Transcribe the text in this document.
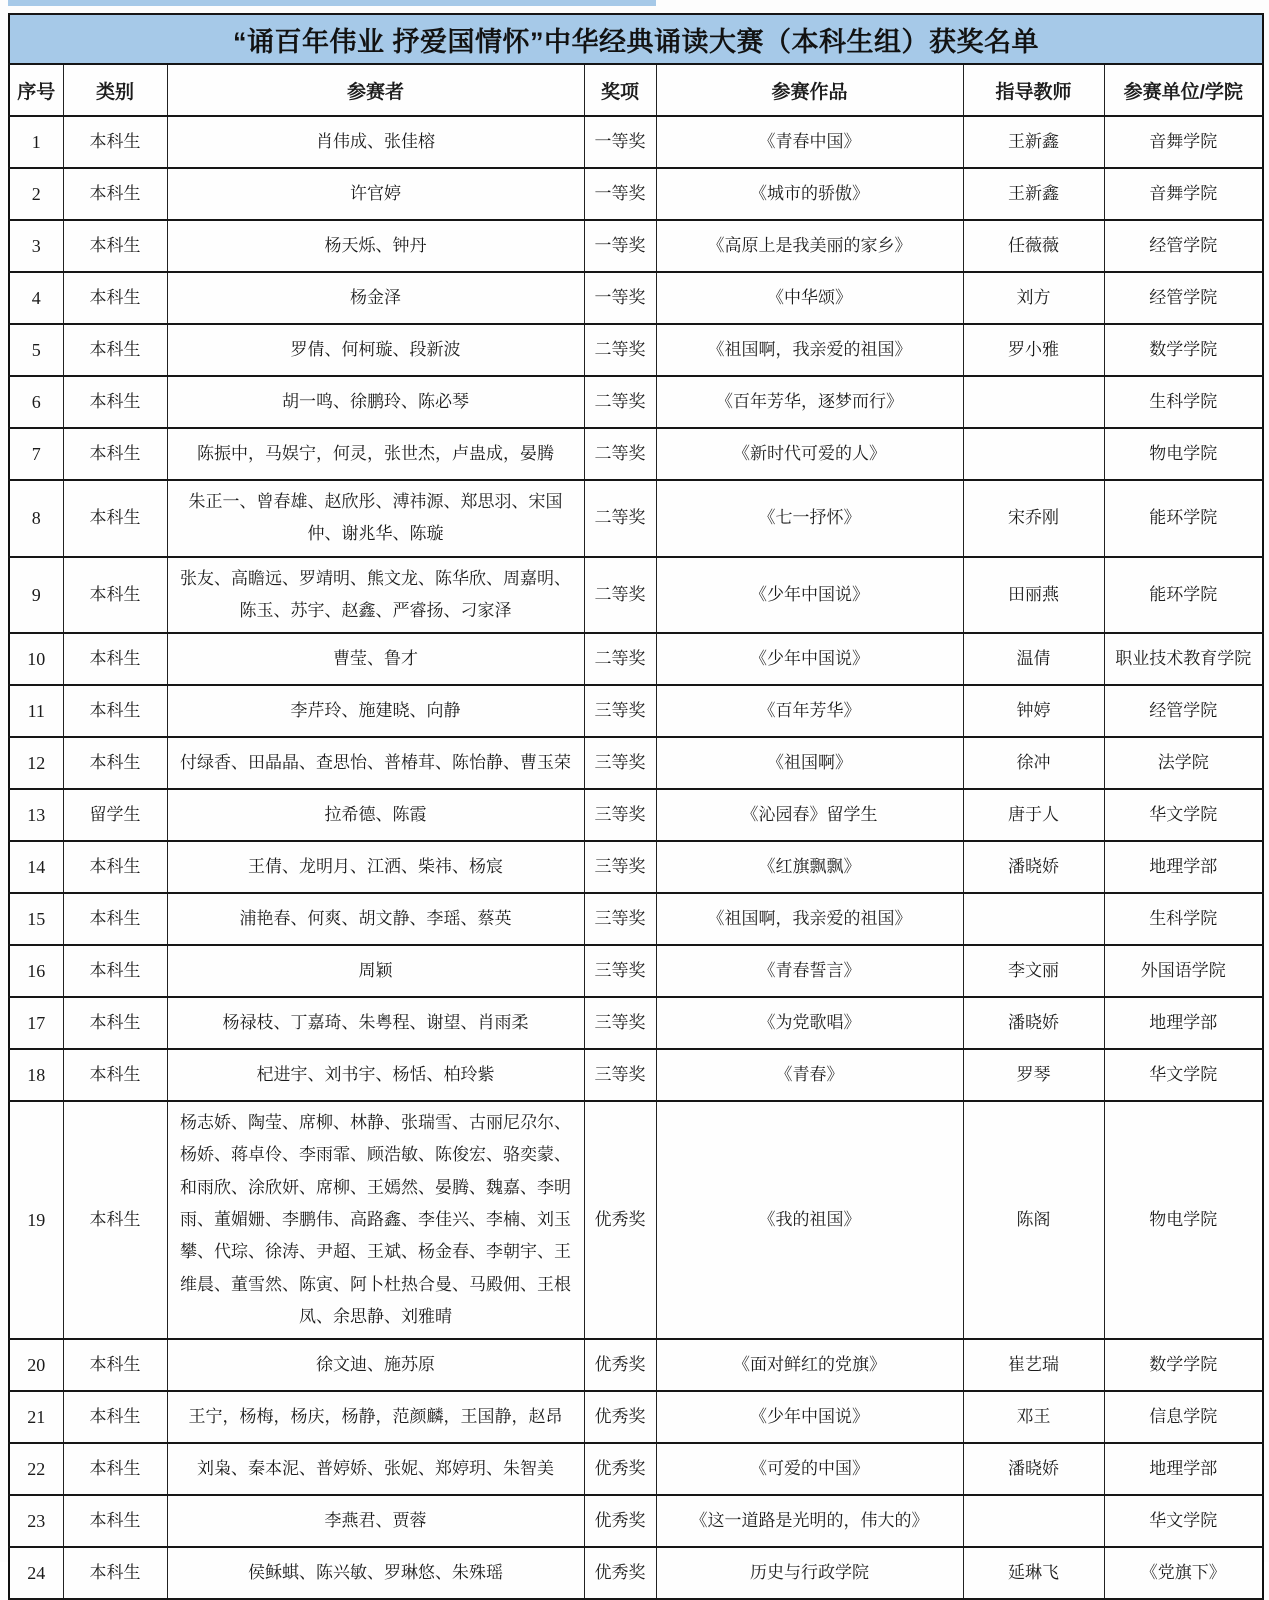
“诵百年伟业 抒爱国情怀”中华经典诵读大赛（本科生组）获奖名单						
序号	类别	参赛者	奖项	参赛作品	指导教师	参赛单位/学院
1	本科生	肖伟成、张佳榕	一等奖	《青春中国》	王新鑫	音舞学院
2	本科生	许官婷	一等奖	《城市的骄傲》	王新鑫	音舞学院
3	本科生	杨天烁、钟丹	一等奖	《高原上是我美丽的家乡》	任薇薇	经管学院
4	本科生	杨金泽	一等奖	《中华颂》	刘方	经管学院
5	本科生	罗倩、何柯璇、段新波	二等奖	《祖国啊，我亲爱的祖国》	罗小雅	数学学院
6	本科生	胡一鸣、徐鹏玲、陈必琴	二等奖	《百年芳华，逐梦而行》		生科学院
7	本科生	陈振中，马娱宁，何灵，张世杰，卢蛊成，晏腾	二等奖	《新时代可爱的人》		物电学院
8	本科生	朱正一、曾春雄、赵欣彤、溥祎源、郑思羽、宋国仲、谢兆华、陈璇	二等奖	《七一抒怀》	宋乔刚	能环学院
9	本科生	张友、高瞻远、罗靖明、熊文龙、陈华欣、周嘉明、陈玉、苏宇、赵鑫、严睿扬、刁家泽	二等奖	《少年中国说》	田丽燕	能环学院
10	本科生	曹莹、鲁才	二等奖	《少年中国说》	温倩	职业技术教育学院
11	本科生	李芹玲、施建晓、向静	三等奖	《百年芳华》	钟婷	经管学院
12	本科生	付绿香、田晶晶、查思怡、普椿茸、陈怡静、曹玉荣	三等奖	《祖国啊》	徐冲	法学院
13	留学生	拉希德、陈霞	三等奖	《沁园春》留学生	唐于人	华文学院
14	本科生	王倩、龙明月、江洒、柴祎、杨宸	三等奖	《红旗飘飘》	潘晓娇	地理学部
15	本科生	浦艳春、何爽、胡文静、李瑶、蔡英	三等奖	《祖国啊，我亲爱的祖国》		生科学院
16	本科生	周颖	三等奖	《青春誓言》	李文丽	外国语学院
17	本科生	杨禄枝、丁嘉琦、朱粤程、谢望、肖雨柔	三等奖	《为党歌唱》	潘晓娇	地理学部
18	本科生	杞进宇、刘书宇、杨恬、柏玲紫	三等奖	《青春》	罗琴	华文学院
19	本科生	杨志娇、陶莹、席柳、林静、张瑞雪、古丽尼尕尔、杨娇、蒋卓伶、李雨霏、顾浩敏、陈俊宏、骆奕蒙、和雨欣、涂欣妍、席柳、王嫣然、晏腾、魏嘉、李明雨、董媚姗、李鹏伟、高路鑫、李佳兴、李楠、刘玉攀、代琮、徐涛、尹超、王斌、杨金春、李朝宇、王维晨、董雪然、陈寅、阿卜杜热合曼、马殿佣、王根凤、余思静、刘雅晴	优秀奖	《我的祖国》	陈阁	物电学院
20	本科生	徐文迪、施苏原	优秀奖	《面对鲜红的党旗》	崔艺瑞	数学学院
21	本科生	王宁，杨梅，杨庆，杨静，范颜麟，王国静，赵昂	优秀奖	《少年中国说》	邓王	信息学院
22	本科生	刘枭、秦本泥、普婷娇、张妮、郑婷玥、朱智美	优秀奖	《可爱的中国》	潘晓娇	地理学部
23	本科生	李燕君、贾蓉	优秀奖	《这一道路是光明的，伟大的》		华文学院
24	本科生	侯稣蜞、陈兴敏、罗琳悠、朱殊瑶	优秀奖	历史与行政学院	延琳飞	《党旗下》
